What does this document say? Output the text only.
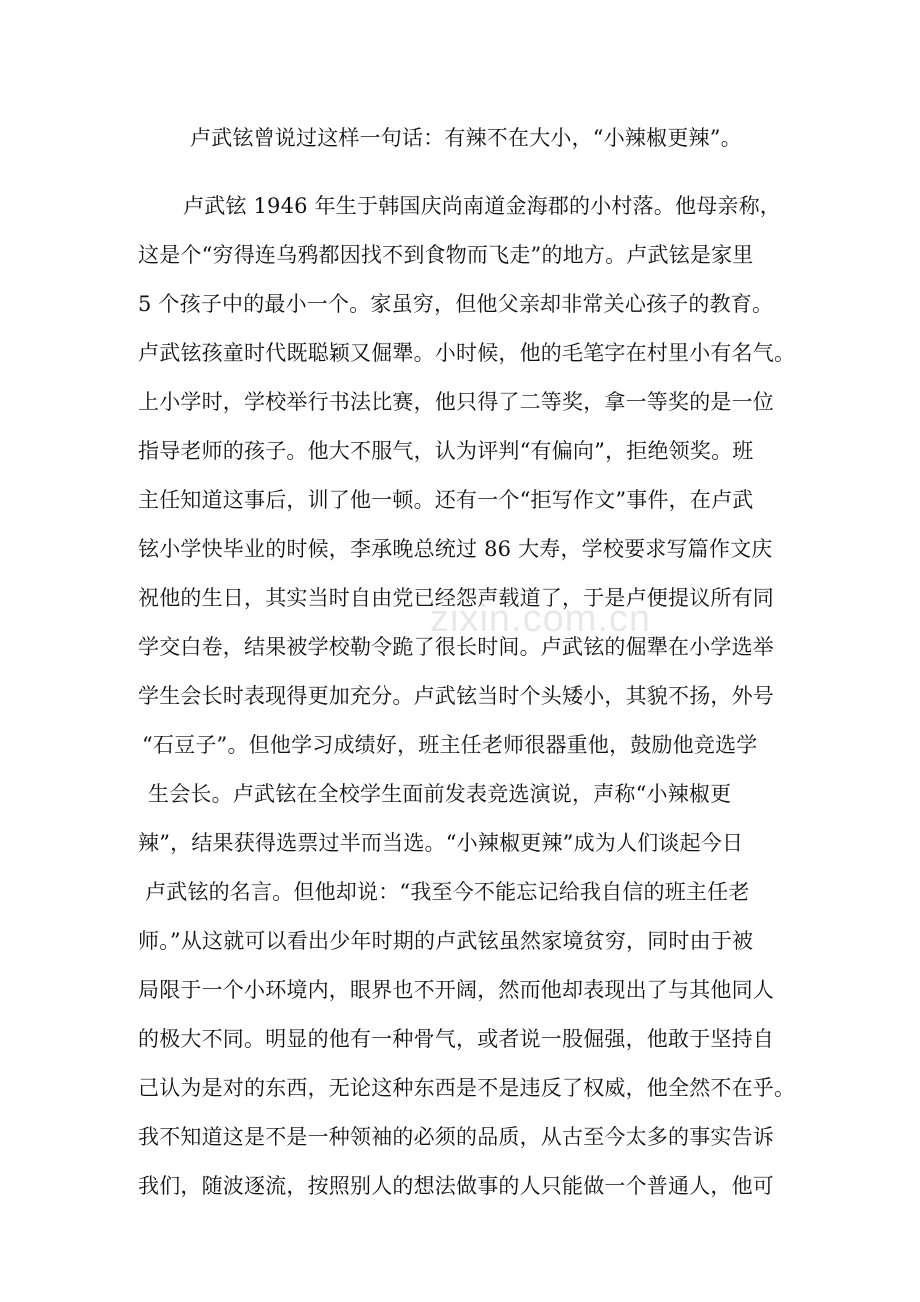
zixin.com.cn
卢武铉曾说过这样一句话：有辣不在大小，“小辣椒更辣”。
卢武铉 1946 年生于韩国庆尚南道金海郡的小村落。他母亲称，
这是个“穷得连乌鸦都因找不到食物而飞走”的地方。卢武铉是家里
5 个孩子中的最小一个。家虽穷，但他父亲却非常关心孩子的教育。
卢武铉孩童时代既聪颖又倔犟。小时候，他的毛笔字在村里小有名气。
上小学时，学校举行书法比赛，他只得了二等奖，拿一等奖的是一位
指导老师的孩子。他大不服气，认为评判“有偏向”，拒绝领奖。班
主任知道这事后，训了他一顿。还有一个“拒写作文”事件，在卢武
铉小学快毕业的时候，李承晚总统过 86 大寿，学校要求写篇作文庆
祝他的生日，其实当时自由党已经怨声载道了，于是卢便提议所有同
学交白卷，结果被学校勒令跪了很长时间。卢武铉的倔犟在小学选举
学生会长时表现得更加充分。卢武铉当时个头矮小，其貌不扬，外号
“石豆子”。但他学习成绩好，班主任老师很器重他，鼓励他竞选学
生会长。卢武铉在全校学生面前发表竞选演说，声称“小辣椒更
辣”，结果获得选票过半而当选。“小辣椒更辣”成为人们谈起今日
卢武铉的名言。但他却说：“我至今不能忘记给我自信的班主任老
师。”从这就可以看出少年时期的卢武铉虽然家境贫穷，同时由于被
局限于一个小环境内，眼界也不开阔，然而他却表现出了与其他同人
的极大不同。明显的他有一种骨气，或者说一股倔强，他敢于坚持自
己认为是对的东西，无论这种东西是不是违反了权威，他全然不在乎。
我不知道这是不是一种领袖的必须的品质，从古至今太多的事实告诉
我们，随波逐流，按照别人的想法做事的人只能做一个普通人，他可
